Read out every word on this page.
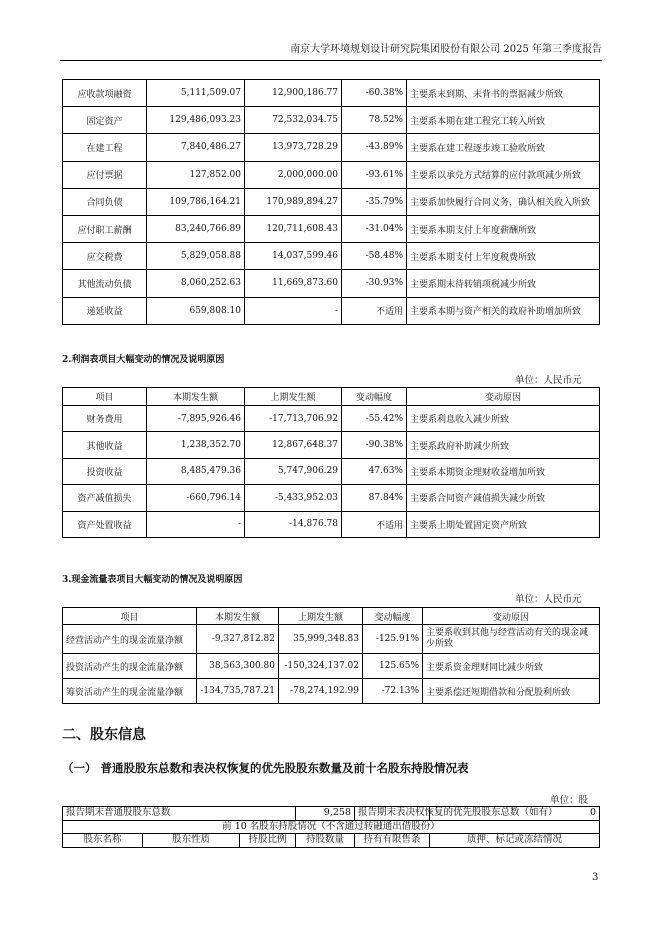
南京大学环境规划设计研究院集团股份有限公司 2025 年第三季度报告
应收款项融资	5,111,509.07	12,900,186.77	-60.38%	主要系未到期、未背书的票据减少所致
固定资产	129,486,093.23	72,532,034.75	78.52%	主要系本期在建工程完工转入所致
在建工程	7,840,486.27	13,973,728.29	-43.89%	主要系在建工程逐步竣工验收所致
应付票据	127,852.00	2,000,000.00	-93.61%	主要系以承兑方式结算的应付款项减少所致
合同负债	109,786,164.21	170,989,894.27	-35.79%	主要系加快履行合同义务，确认相关收入所致
应付职工薪酬	83,240,766.89	120,711,608.43	-31.04%	主要系本期支付上年度薪酬所致
应交税费	5,829,058.88	14,037,599.46	-58.48%	主要系本期支付上年度税费所致
其他流动负债	8,060,252.63	11,669,873.60	-30.93%	主要系期末待转销项税减少所致
递延收益	659,808.10	-	不适用	主要系本期与资产相关的政府补助增加所致
2.利润表项目大幅变动的情况及说明原因
单位：人民币元
项目	本期发生额	上期发生额	变动幅度	变动原因
财务费用	-7,895,926.46	-17,713,706.92	-55.42%	主要系利息收入减少所致
其他收益	1,238,352.70	12,867,648.37	-90.38%	主要系政府补助减少所致
投资收益	8,485,479.36	5,747,906.29	47.63%	主要系本期资金理财收益增加所致
资产减值损失	-660,796.14	-5,433,952.03	87.84%	主要系合同资产减值损失减少所致
资产处置收益	-	-14,876.78	不适用	主要系上期处置固定资产所致
3.现金流量表项目大幅变动的情况及说明原因
单位：人民币元
项目	本期发生额	上期发生额	变动幅度	变动原因
经营活动产生的现金流量净额	-9,327,812.82	35,999,348.83	-125.91%	主要系收到其他与经营活动有关的现金减少所致
投资活动产生的现金流量净额	38,563,300.80	-150,324,137.02	125.65%	主要系资金理财同比减少所致
筹资活动产生的现金流量净额	-134,735,787.21	-78,274,192.99	-72.13%	主要系偿还短期借款和分配股利所致
二、股东信息
（一） 普通股股东总数和表决权恢复的优先股股东数量及前十名股东持股情况表
单位：股
报告期末普通股股东总数			9,258	报告期末表决权恢复的优先股股东总数（如有）	0
前 10 名股东持股情况（不含通过转融通出借股份）					
股东名称	股东性质	持股比例	持股数量	持有有限售条	质押、标记或冻结情况
3
